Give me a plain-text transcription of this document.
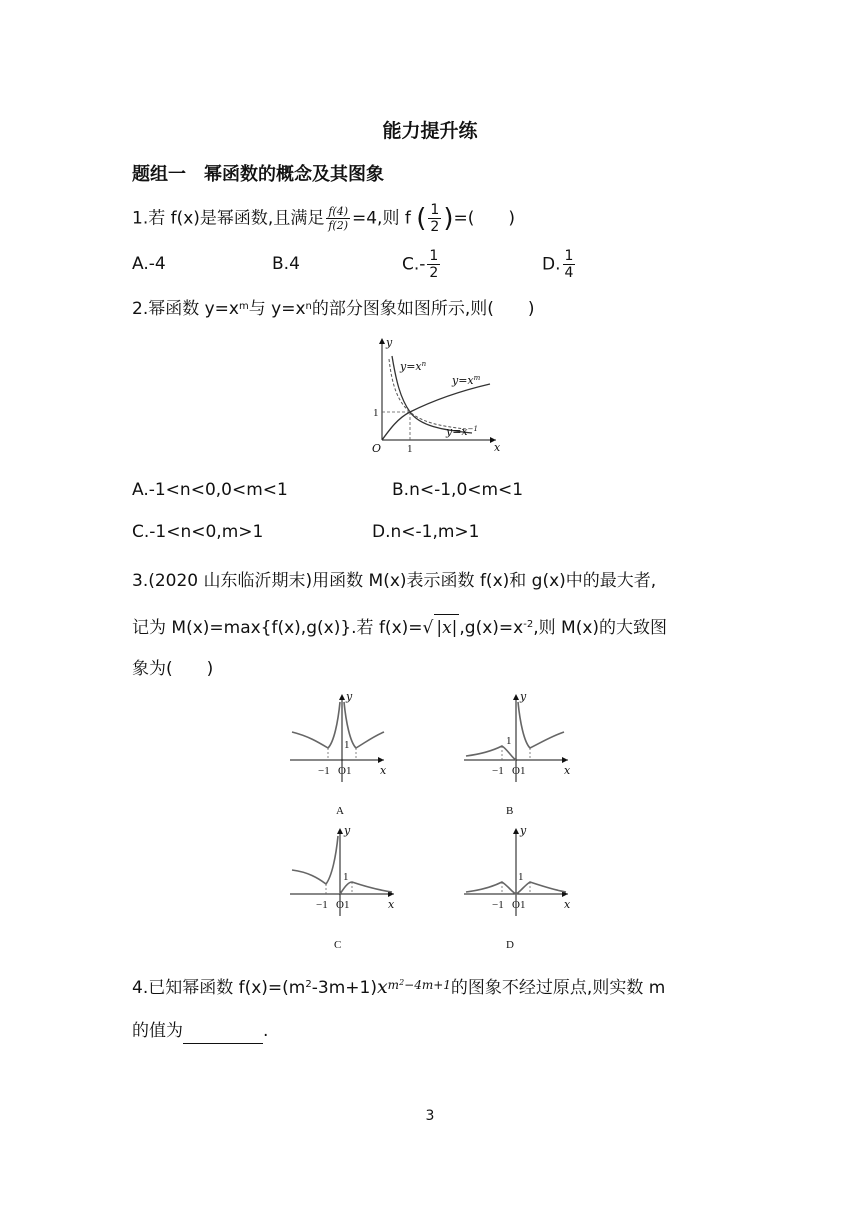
能力提升练
题组一　幂函数的概念及其图象
1.若 f(x)是幂函数,且满足 $\frac{f(4)}{f(2)} =4$,则 f ( $\frac{1}{2}$ )=(　　)
A.-4	B.4	$C.- \frac{1}{2}$	D. $\frac{1}{4}$
2.幂函数 $y=x^m$与 $y=x^n$的部分图象如图所示,则(　　)
y
x
O 1
1
$y=x^n$
$y=x^m$
$y=x^{-1}$
A.-1<n<0,0<m<1	B.n<-1,0<m<1
C.-1<n<0,m>1	D.n<-1,m>1
3.(2020 山东临沂期末)用函数 M(x)表示函数 f(x)和 g(x)中的最大者,
记为 M(x)=max{f(x),g(x)}.若 f(x)=√ |x| $,g(x)=x^{-2}$,则 M(x)的大致图
象为(　　)
y
x
1
−1 O1
A
y
x
1
−1 O1
B
y
x
1
−1 O1
C
y
x
1
−1 O1
D
4.已知幂函数 $f(x)=(m^2-3m+1)x^{m^2-4m+1}$的图象不经过原点,则实数 m
的值为	.
3
